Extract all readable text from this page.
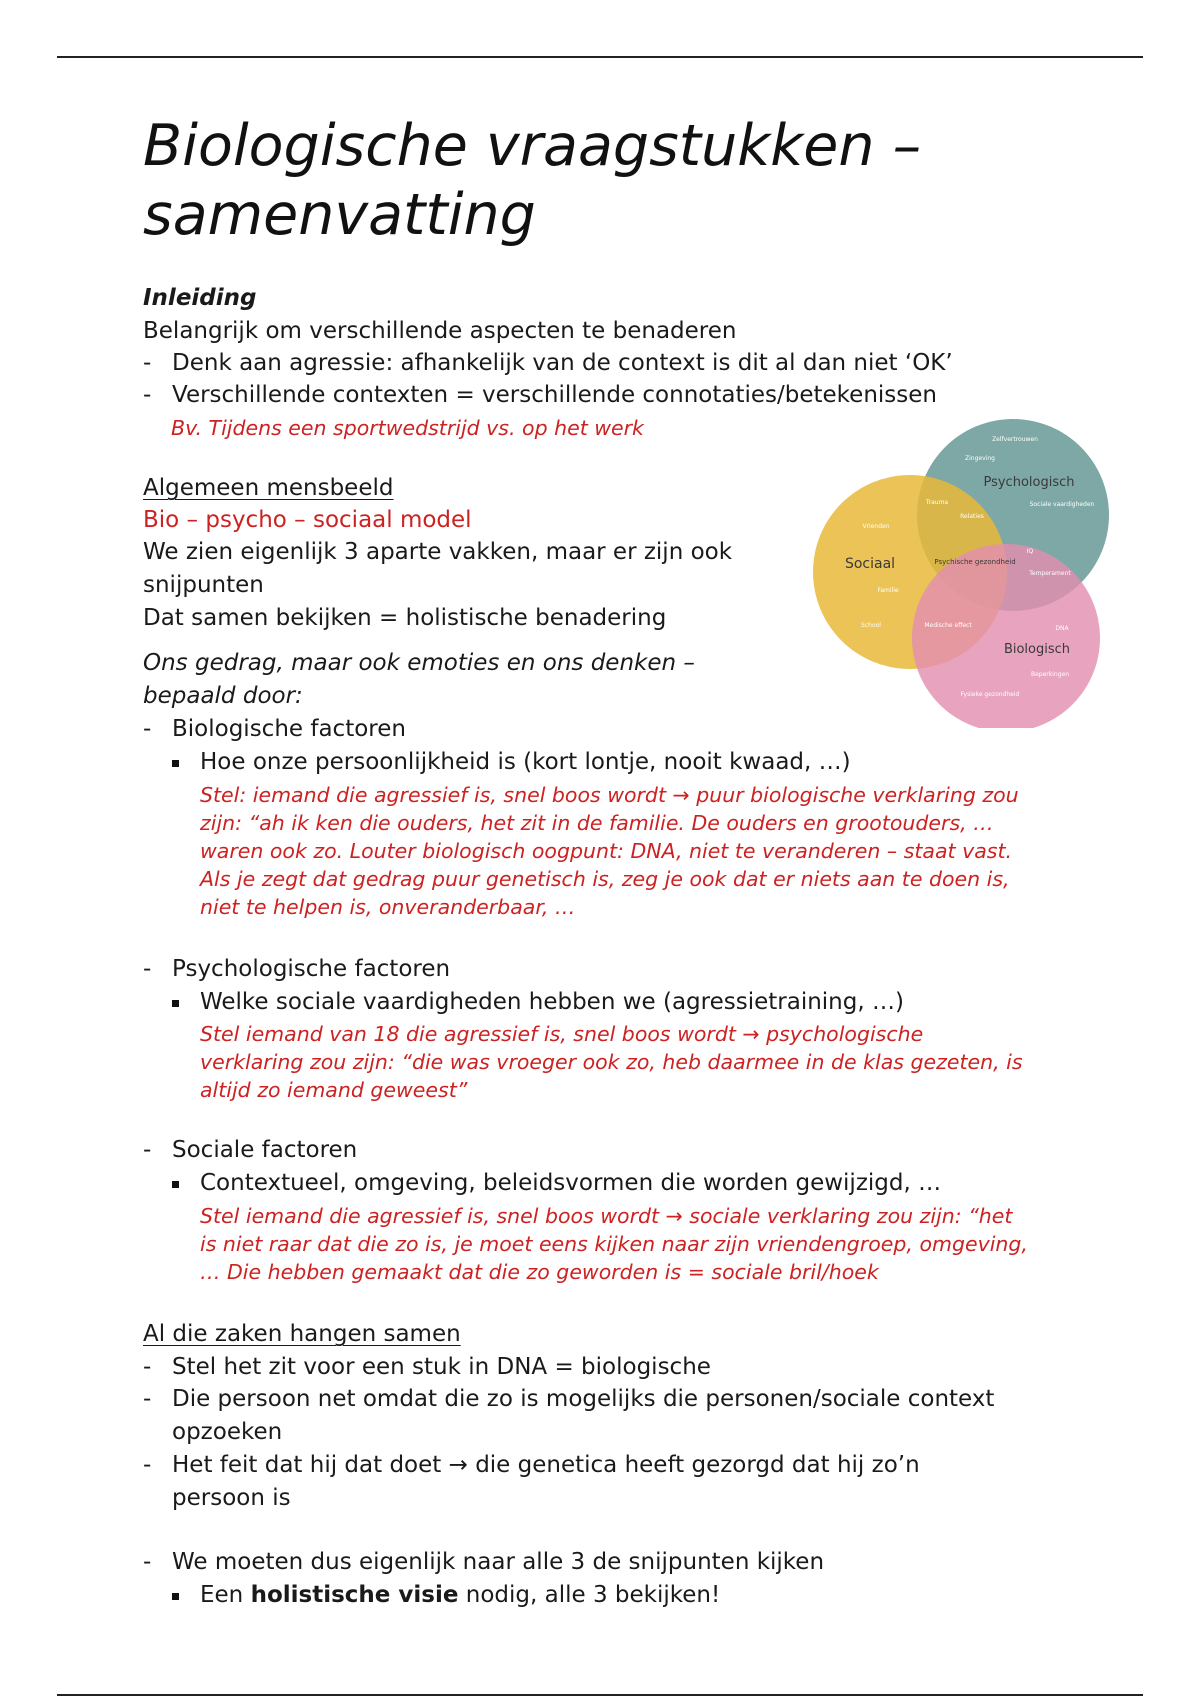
Biologische vraagstukken –
samenvatting
Inleiding
Belangrijk om verschillende aspecten te benaderen
- Denk aan agressie: afhankelijk van de context is dit al dan niet ‘OK’
- Verschillende contexten = verschillende connotaties/betekenissen
Bv. Tijdens een sportwedstrijd vs. op het werk
Algemeen mensbeeld
Bio – psycho – sociaal model
We zien eigenlijk 3 aparte vakken, maar er zijn ook
snijpunten
Dat samen bekijken = holistische benadering
Ons gedrag, maar ook emoties en ons denken –
bepaald door:
- Biologische factoren
Hoe onze persoonlijkheid is (kort lontje, nooit kwaad, …)
Stel: iemand die agressief is, snel boos wordt → puur biologische verklaring zou
zijn: “ah ik ken die ouders, het zit in de familie. De ouders en grootouders, …
waren ook zo. Louter biologisch oogpunt: DNA, niet te veranderen – staat vast.
Als je zegt dat gedrag puur genetisch is, zeg je ook dat er niets aan te doen is,
niet te helpen is, onveranderbaar, …
- Psychologische factoren
Welke sociale vaardigheden hebben we (agressietraining, …)
Stel iemand van 18 die agressief is, snel boos wordt → psychologische
verklaring zou zijn: “die was vroeger ook zo, heb daarmee in de klas gezeten, is
altijd zo iemand geweest”
- Sociale factoren
Contextueel, omgeving, beleidsvormen die worden gewijzigd, …
Stel iemand die agressief is, snel boos wordt → sociale verklaring zou zijn: “het
is niet raar dat die zo is, je moet eens kijken naar zijn vriendengroep, omgeving,
… Die hebben gemaakt dat die zo geworden is = sociale bril/hoek
Al die zaken hangen samen
- Stel het zit voor een stuk in DNA = biologische
- Die persoon net omdat die zo is mogelijks die personen/sociale context
opzoeken
- Het feit dat hij dat doet → die genetica heeft gezorgd dat hij zo’n
persoon is
- We moeten dus eigenlijk naar alle 3 de snijpunten kijken
Een holistische visie nodig, alle 3 bekijken!
Psychologisch
Sociaal
Biologisch
Psychische gezondheid
Zelfvertrouwen
Zingeving
Sociale vaardigheden
Trauma
Relaties
IQ
Temperament
Vrienden
Familie
School	Medische effect	DNA
Beperkingen
Fysieke gezondheid
